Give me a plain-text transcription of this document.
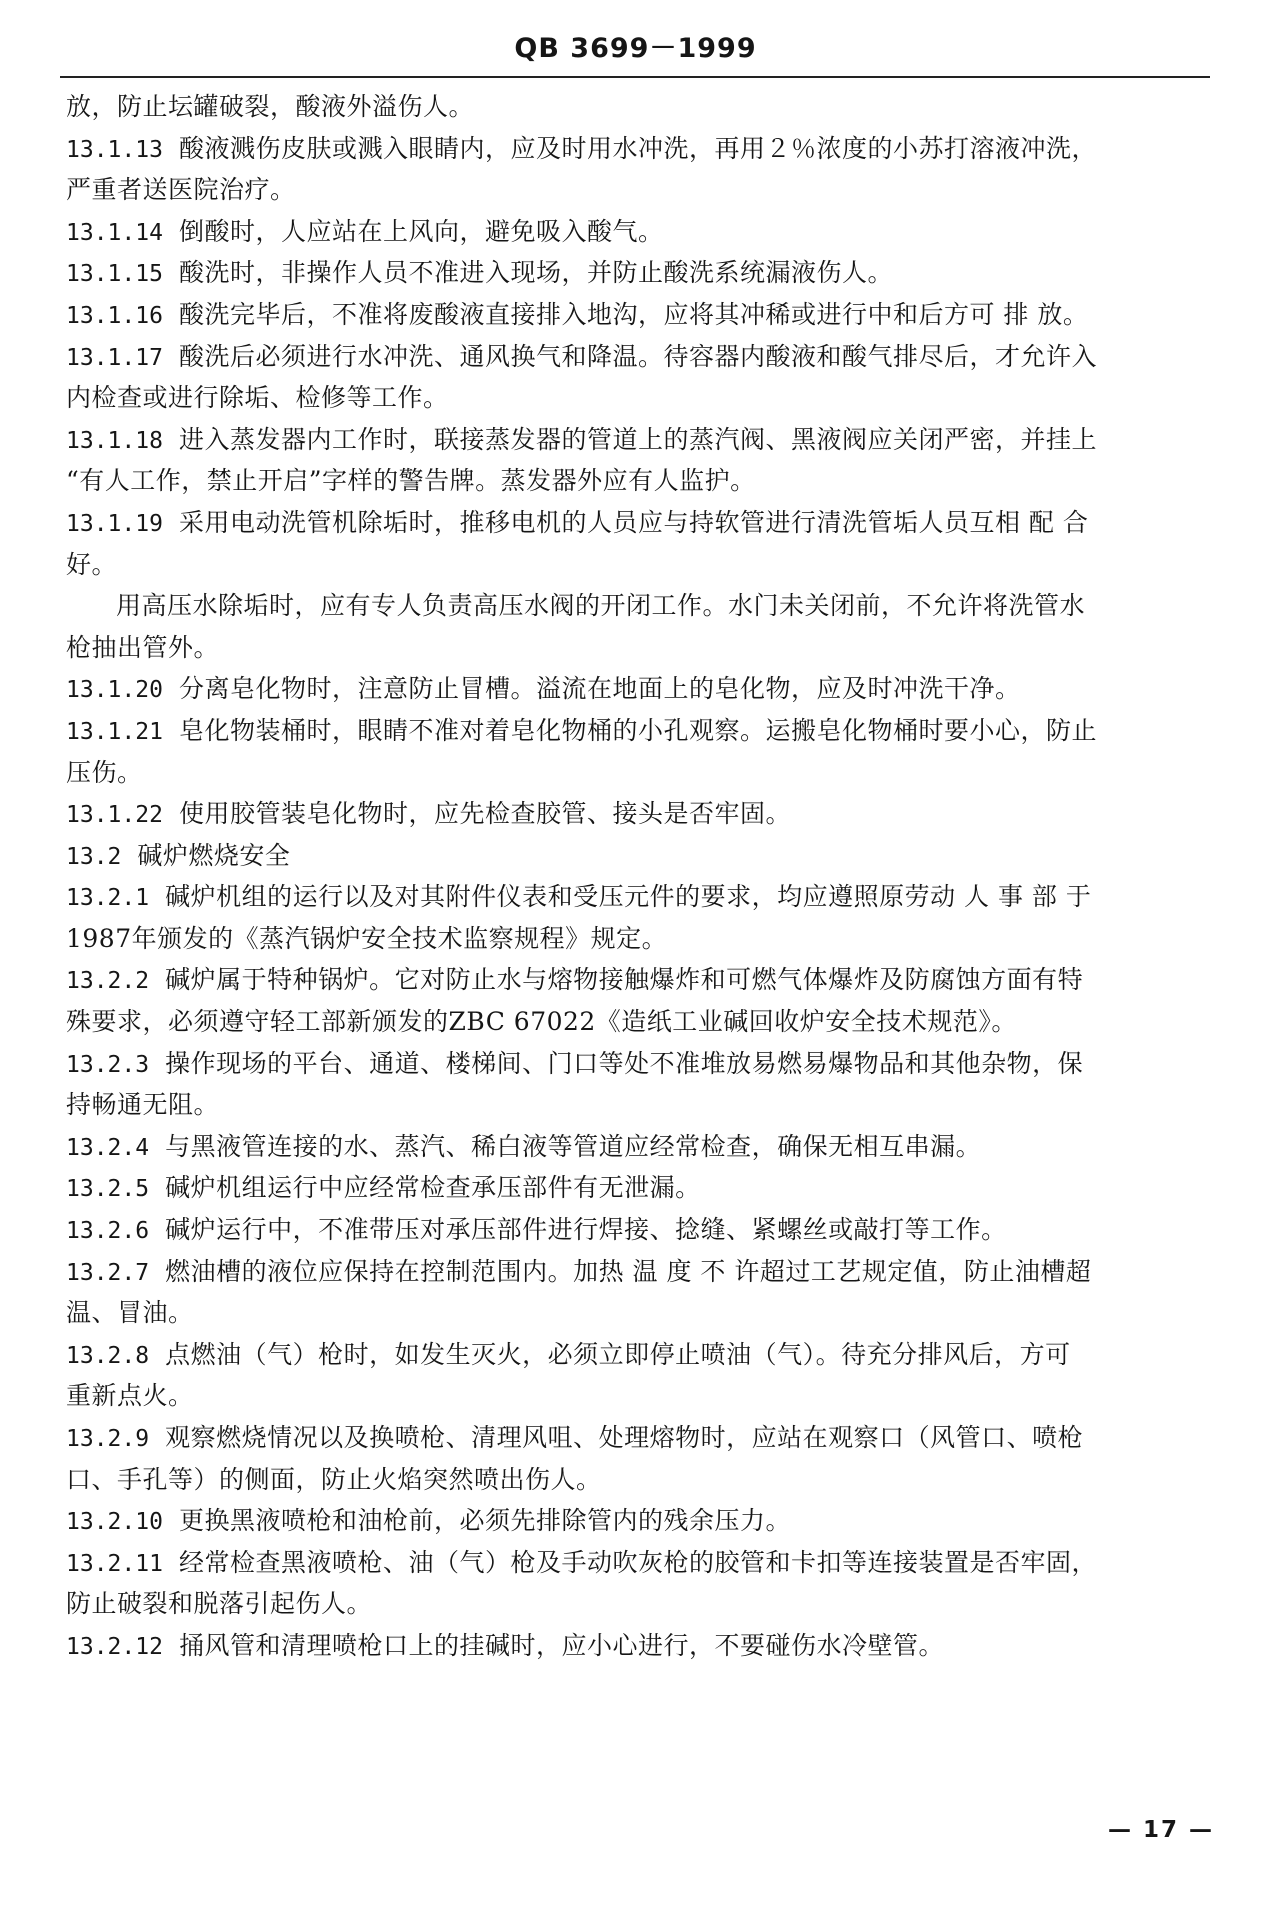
QB 3699－1999
放，防止坛罐破裂，酸液外溢伤人。
13.1.13 酸液溅伤皮肤或溅入眼睛内，应及时用水冲洗，再用２％浓度的小苏打溶液冲洗，
严重者送医院治疗。
13.1.14 倒酸时，人应站在上风向，避免吸入酸气。
13.1.15 酸洗时，非操作人员不准进入现场，并防止酸洗系统漏液伤人。
13.1.16 酸洗完毕后，不准将废酸液直接排入地沟，应将其冲稀或进行中和后方可 排 放。
13.1.17 酸洗后必须进行水冲洗、通风换气和降温。待容器内酸液和酸气排尽后，才允许入
内检查或进行除垢、检修等工作。
13.1.18 进入蒸发器内工作时，联接蒸发器的管道上的蒸汽阀、黑液阀应关闭严密，并挂上
“有人工作，禁止开启”字样的警告牌。蒸发器外应有人监护。
13.1.19 采用电动洗管机除垢时，推移电机的人员应与持软管进行清洗管垢人员互相 配 合
好。
用高压水除垢时，应有专人负责高压水阀的开闭工作。水门未关闭前，不允许将洗管水
枪抽出管外。
13.1.20 分离皂化物时，注意防止冒槽。溢流在地面上的皂化物，应及时冲洗干净。
13.1.21 皂化物装桶时，眼睛不准对着皂化物桶的小孔观察。运搬皂化物桶时要小心，防止
压伤。
13.1.22 使用胶管装皂化物时，应先检查胶管、接头是否牢固。
13.2 碱炉燃烧安全
13.2.1 碱炉机组的运行以及对其附件仪表和受压元件的要求，均应遵照原劳动 人 事 部 于
1987年颁发的《蒸汽锅炉安全技术监察规程》规定。
13.2.2 碱炉属于特种锅炉。它对防止水与熔物接触爆炸和可燃气体爆炸及防腐蚀方面有特
殊要求，必须遵守轻工部新颁发的ZBC 67022《造纸工业碱回收炉安全技术规范》。
13.2.3 操作现场的平台、通道、楼梯间、门口等处不准堆放易燃易爆物品和其他杂物，保
持畅通无阻。
13.2.4 与黑液管连接的水、蒸汽、稀白液等管道应经常检查，确保无相互串漏。
13.2.5 碱炉机组运行中应经常检查承压部件有无泄漏。
13.2.6 碱炉运行中，不准带压对承压部件进行焊接、捻缝、紧螺丝或敲打等工作。
13.2.7 燃油槽的液位应保持在控制范围内。加热 温 度 不 许超过工艺规定值，防止油槽超
温、冒油。
13.2.8 点燃油（气）枪时，如发生灭火，必须立即停止喷油（气）。待充分排风后，方可
重新点火。
13.2.9 观察燃烧情况以及换喷枪、清理风咀、处理熔物时，应站在观察口（风管口、喷枪
口、手孔等）的侧面，防止火焰突然喷出伤人。
13.2.10 更换黑液喷枪和油枪前，必须先排除管内的残余压力。
13.2.11 经常检查黑液喷枪、油（气）枪及手动吹灰枪的胶管和卡扣等连接装置是否牢固，
防止破裂和脱落引起伤人。
13.2.12 捅风管和清理喷枪口上的挂碱时，应小心进行，不要碰伤水冷壁管。
— 17 —
